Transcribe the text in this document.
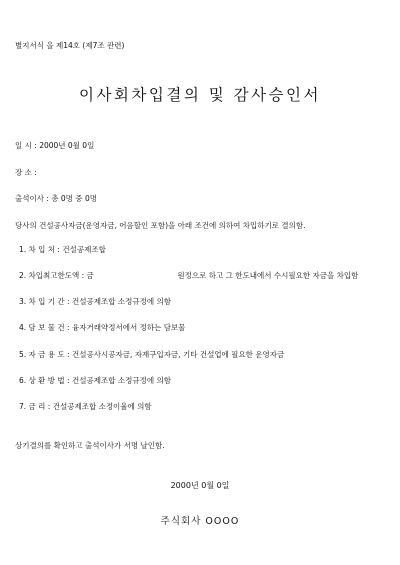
별지서식 을 제14호 (제7조 관련)
이사회차입결의 및 감사승인서
일 시 : 2000년 0월 0일
장 소 :
출석이사 : 총 0명 중 0명
당사의 건설공사자금(운영자금, 어음할인 포함)을 아래 조건에 의하여 차입하기로 결의함.
1. 차 입 처 : 건설공제조합
2. 차입최고한도액 : 금	원정으로 하고 그 한도내에서 수시필요한 자금을 차입함
3. 차 입 기 간 : 건설공제조합 소정규정에 의함
4. 담 보 물 건 : 융자거래약정서에서 정하는 담보물
5. 자 금 용 도 : 건설공사시공자금, 자재구입자금, 기타 건설업에 필요한 운영자금
6. 상 환 방 법 : 건설공제조합 소정규정에 의함
7. 금 리 : 건설공제조합 소정이율에 의함
상기결의를 확인하고 출석이사가 서명 날인함.
2000년 0월 0일
주식회사 OOOO
